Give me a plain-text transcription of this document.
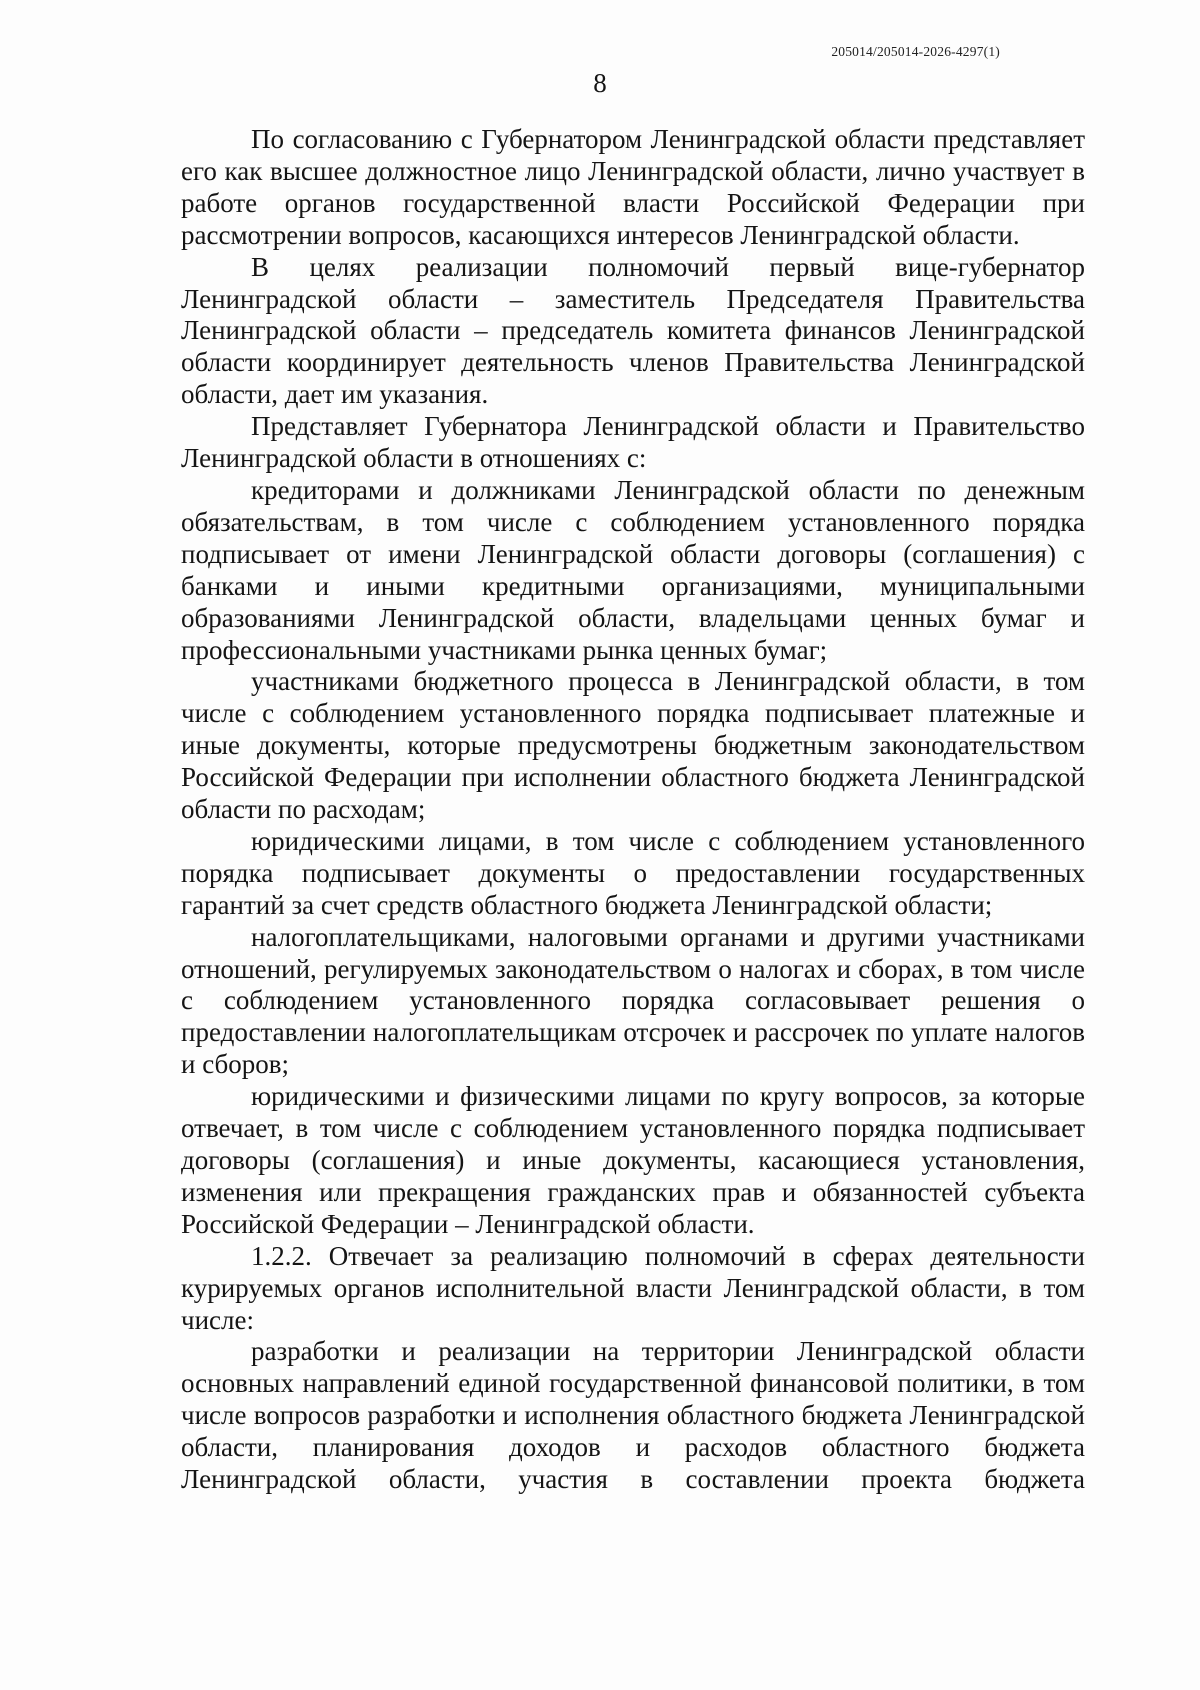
205014/205014-2026-4297(1)
8

По согласованию с Губернатором Ленинградской области представляет его как высшее должностное лицо Ленинградской области, лично участвует в работе органов государственной власти Российской Федерации при рассмотрении вопросов, касающихся интересов Ленинградской области.

В целях реализации полномочий первый вице-губернатор Ленинградской области – заместитель Председателя Правительства Ленинградской области – председатель комитета финансов Ленинградской области координирует деятельность членов Правительства Ленинградской области, дает им указания.

Представляет Губернатора Ленинградской области и Правительство Ленинградской области в отношениях с:

кредиторами и должниками Ленинградской области по денежным обязательствам, в том числе с соблюдением установленного порядка подписывает от имени Ленинградской области договоры (соглашения) с банками и иными кредитными организациями, муниципальными образованиями Ленинградской области, владельцами ценных бумаг и профессиональными участниками рынка ценных бумаг;

участниками бюджетного процесса в Ленинградской области, в том числе с соблюдением установленного порядка подписывает платежные и иные документы, которые предусмотрены бюджетным законодательством Российской Федерации при исполнении областного бюджета Ленинградской области по расходам;

юридическими лицами, в том числе с соблюдением установленного порядка подписывает документы о предоставлении государственных гарантий за счет средств областного бюджета Ленинградской области;

налогоплательщиками, налоговыми органами и другими участниками отношений, регулируемых законодательством о налогах и сборах, в том числе с соблюдением установленного порядка согласовывает решения о предоставлении налогоплательщикам отсрочек и рассрочек по уплате налогов и сборов;

юридическими и физическими лицами по кругу вопросов, за которые отвечает, в том числе с соблюдением установленного порядка подписывает договоры (соглашения) и иные документы, касающиеся установления, изменения или прекращения гражданских прав и обязанностей субъекта Российской Федерации – Ленинградской области.

1.2.2. Отвечает за реализацию полномочий в сферах деятельности курируемых органов исполнительной власти Ленинградской области, в том числе:

разработки и реализации на территории Ленинградской области основных направлений единой государственной финансовой политики, в том числе вопросов разработки и исполнения областного бюджета Ленинградской области, планирования доходов и расходов областного бюджета Ленинградской области, участия в составлении проекта бюджета
